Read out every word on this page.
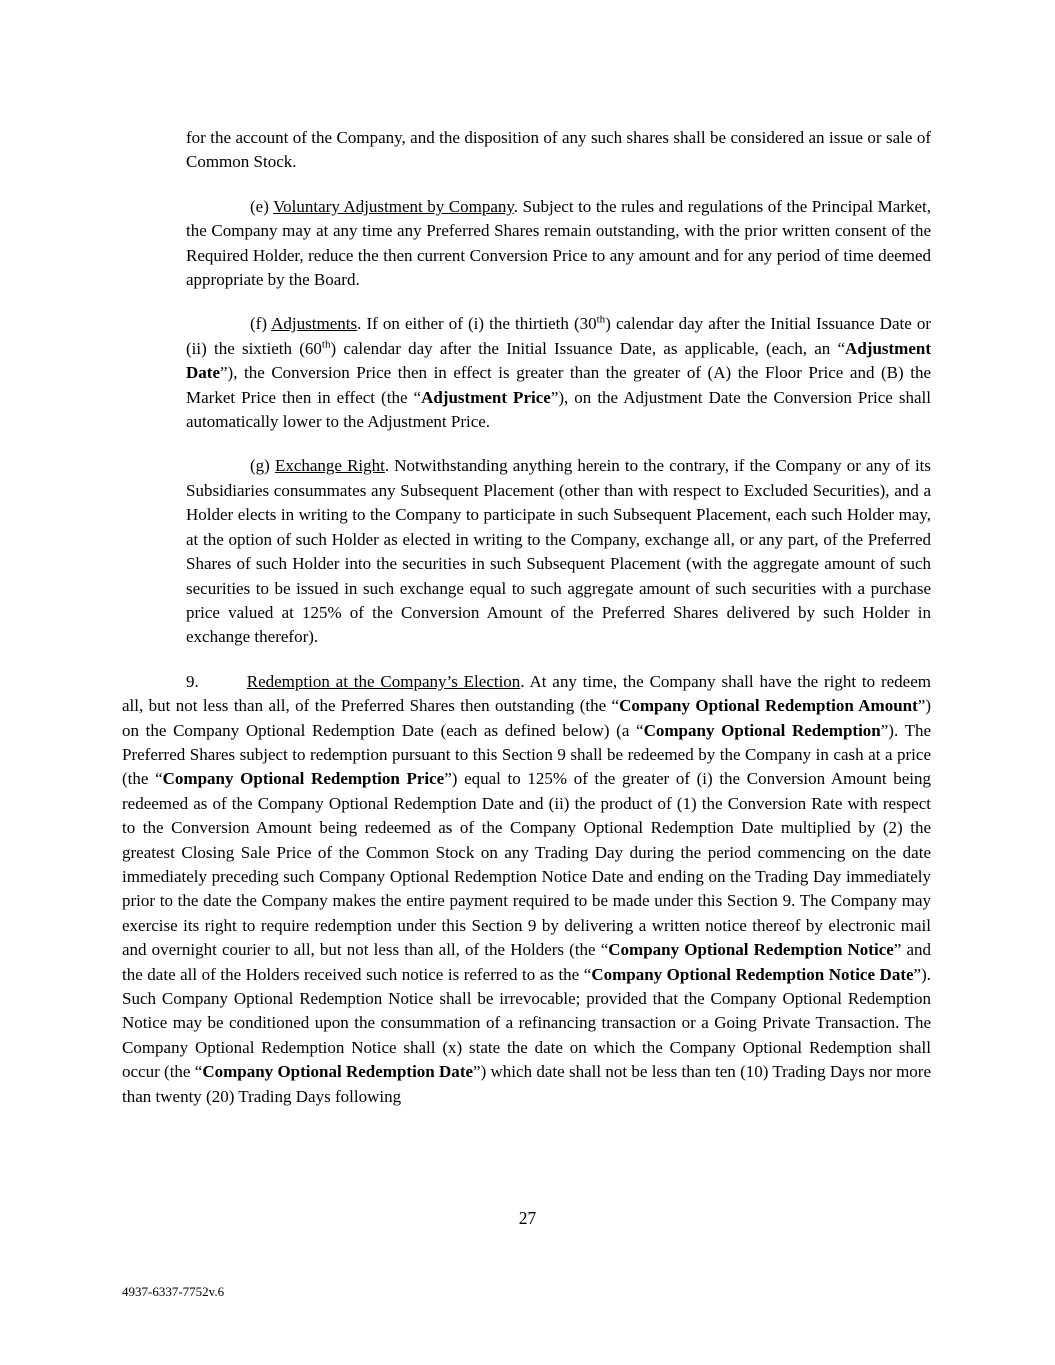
for the account of the Company, and the disposition of any such shares shall be considered an issue or sale of Common Stock.

(e) Voluntary Adjustment by Company. Subject to the rules and regulations of the Principal Market, the Company may at any time any Preferred Shares remain outstanding, with the prior written consent of the Required Holder, reduce the then current Conversion Price to any amount and for any period of time deemed appropriate by the Board.

(f) Adjustments. If on either of (i) the thirtieth (30th) calendar day after the Initial Issuance Date or (ii) the sixtieth (60th) calendar day after the Initial Issuance Date, as applicable, (each, an “Adjustment Date”), the Conversion Price then in effect is greater than the greater of (A) the Floor Price and (B) the Market Price then in effect (the “Adjustment Price”), on the Adjustment Date the Conversion Price shall automatically lower to the Adjustment Price.

(g) Exchange Right. Notwithstanding anything herein to the contrary, if the Company or any of its Subsidiaries consummates any Subsequent Placement (other than with respect to Excluded Securities), and a Holder elects in writing to the Company to participate in such Subsequent Placement, each such Holder may, at the option of such Holder as elected in writing to the Company, exchange all, or any part, of the Preferred Shares of such Holder into the securities in such Subsequent Placement (with the aggregate amount of such securities to be issued in such exchange equal to such aggregate amount of such securities with a purchase price valued at 125% of the Conversion Amount of the Preferred Shares delivered by such Holder in exchange therefor).

9.	Redemption at the Company’s Election. At any time, the Company shall have the right to redeem all, but not less than all, of the Preferred Shares then outstanding (the “Company Optional Redemption Amount”) on the Company Optional Redemption Date (each as defined below) (a “Company Optional Redemption”). The Preferred Shares subject to redemption pursuant to this Section 9 shall be redeemed by the Company in cash at a price (the “Company Optional Redemption Price”) equal to 125% of the greater of (i) the Conversion Amount being redeemed as of the Company Optional Redemption Date and (ii) the product of (1) the Conversion Rate with respect to the Conversion Amount being redeemed as of the Company Optional Redemption Date multiplied by (2) the greatest Closing Sale Price of the Common Stock on any Trading Day during the period commencing on the date immediately preceding such Company Optional Redemption Notice Date and ending on the Trading Day immediately prior to the date the Company makes the entire payment required to be made under this Section 9. The Company may exercise its right to require redemption under this Section 9 by delivering a written notice thereof by electronic mail and overnight courier to all, but not less than all, of the Holders (the “Company Optional Redemption Notice” and the date all of the Holders received such notice is referred to as the “Company Optional Redemption Notice Date”). Such Company Optional Redemption Notice shall be irrevocable; provided that the Company Optional Redemption Notice may be conditioned upon the consummation of a refinancing transaction or a Going Private Transaction. The Company Optional Redemption Notice shall (x) state the date on which the Company Optional Redemption shall occur (the “Company Optional Redemption Date”) which date shall not be less than ten (10) Trading Days nor more than twenty (20) Trading Days following

27
4937-6337-7752v.6
